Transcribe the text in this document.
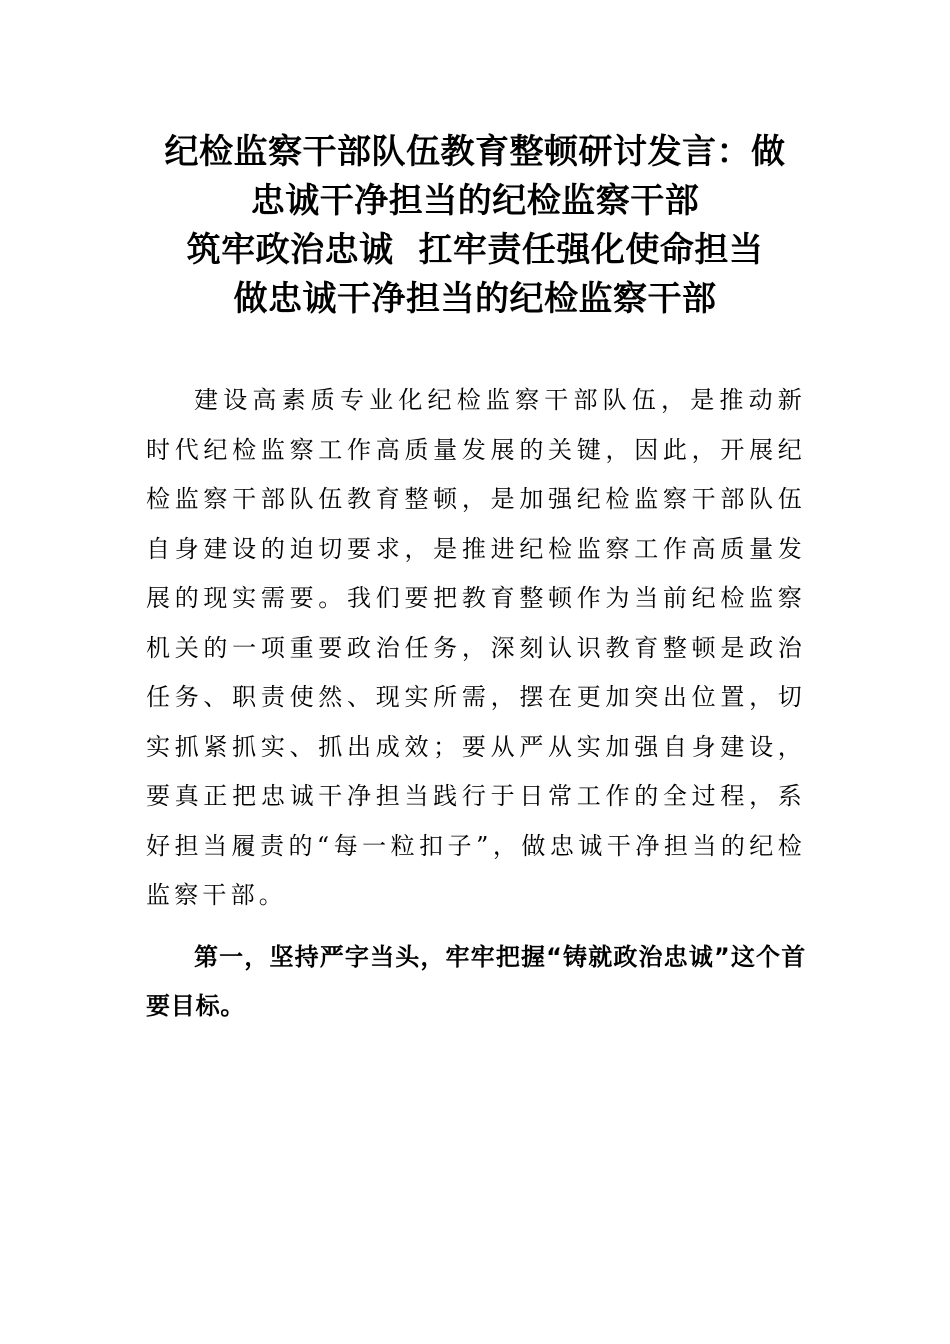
纪检监察干部队伍教育整顿研讨发言：做
忠诚干净担当的纪检监察干部
筑牢政治忠诚  扛牢责任强化使命担当
做忠诚干净担当的纪检监察干部

建设高素质专业化纪检监察干部队伍，是推动新时代纪检监察工作高质量发展的关键，因此，开展纪检监察干部队伍教育整顿，是加强纪检监察干部队伍自身建设的迫切要求，是推进纪检监察工作高质量发展的现实需要。我们要把教育整顿作为当前纪检监察机关的一项重要政治任务，深刻认识教育整顿是政治任务、职责使然、现实所需，摆在更加突出位置，切实抓紧抓实、抓出成效；要从严从实加强自身建设，要真正把忠诚干净担当践行于日常工作的全过程，系好担当履责的“每一粒扣子”，做忠诚干净担当的纪检监察干部。

第一，坚持严字当头，牢牢把握“铸就政治忠诚”这个首要目标。
